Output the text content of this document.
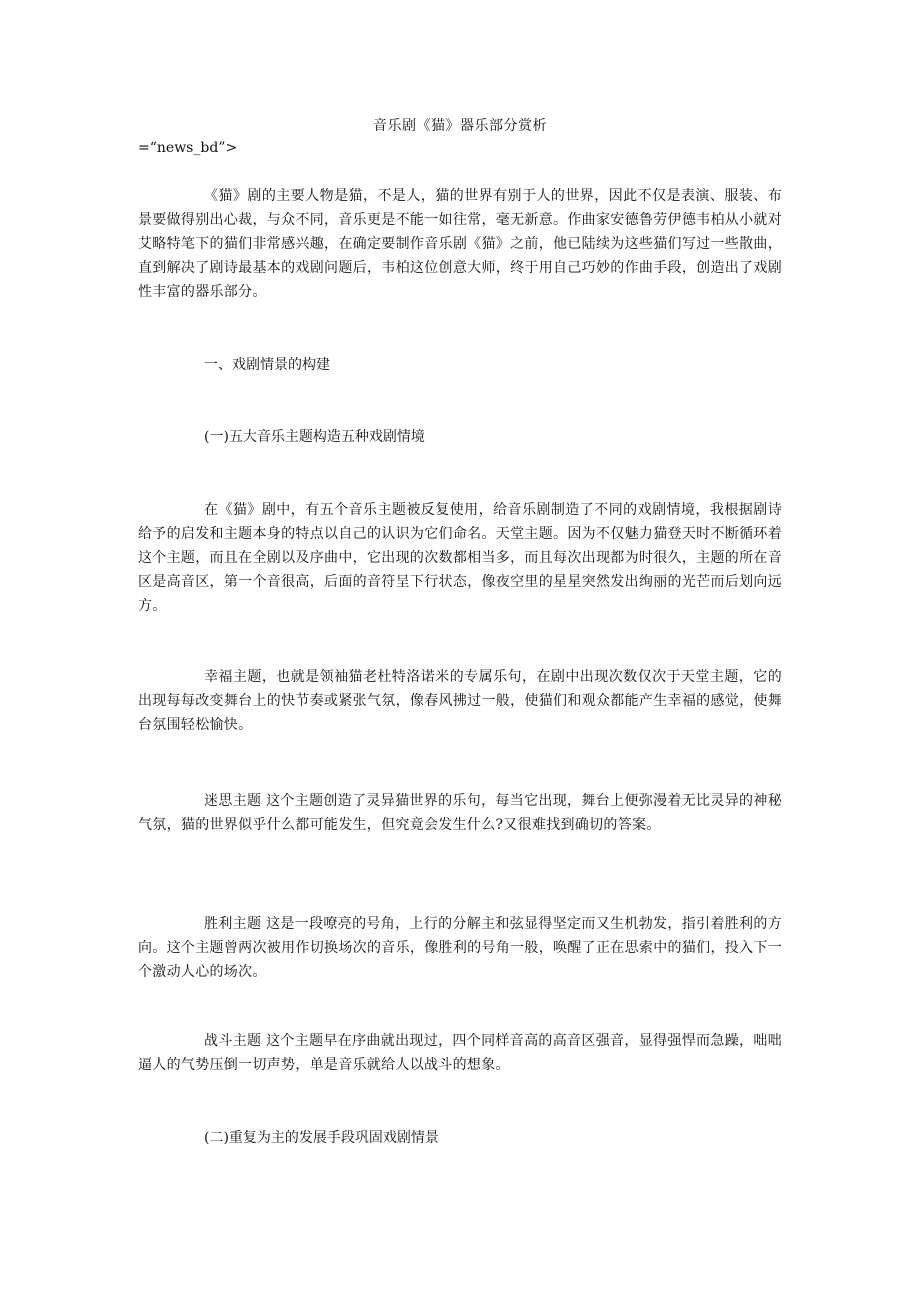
音乐剧《猫》器乐部分赏析
=“news_bd”>

《猫》剧的主要人物是猫，不是人，猫的世界有别于人的世界，因此不仅是表演、服装、布景要做得别出心裁，与众不同，音乐更是不能一如往常，毫无新意。作曲家安德鲁劳伊德韦柏从小就对艾略特笔下的猫们非常感兴趣，在确定要制作音乐剧《猫》之前，他已陆续为这些猫们写过一些散曲，直到解决了剧诗最基本的戏剧问题后，韦柏这位创意大师，终于用自己巧妙的作曲手段，创造出了戏剧性丰富的器乐部分。

一、戏剧情景的构建

(一)五大音乐主题构造五种戏剧情境

在《猫》剧中，有五个音乐主题被反复使用，给音乐剧制造了不同的戏剧情境，我根据剧诗给予的启发和主题本身的特点以自己的认识为它们命名。天堂主题。因为不仅魅力猫登天时不断循环着这个主题，而且在全剧以及序曲中，它出现的次数都相当多，而且每次出现都为时很久，主题的所在音区是高音区，第一个音很高，后面的音符呈下行状态，像夜空里的星星突然发出绚丽的光芒而后划向远方。

幸福主题，也就是领袖猫老杜特洛诺米的专属乐句，在剧中出现次数仅次于天堂主题，它的出现每每改变舞台上的快节奏或紧张气氛，像春风拂过一般，使猫们和观众都能产生幸福的感觉，使舞台氛围轻松愉快。

迷思主题 这个主题创造了灵异猫世界的乐句，每当它出现，舞台上便弥漫着无比灵异的神秘气氛，猫的世界似乎什么都可能发生，但究竟会发生什么?又很难找到确切的答案。

胜利主题 这是一段嘹亮的号角，上行的分解主和弦显得坚定而又生机勃发，指引着胜利的方向。这个主题曾两次被用作切换场次的音乐，像胜利的号角一般，唤醒了正在思索中的猫们，投入下一个激动人心的场次。

战斗主题 这个主题早在序曲就出现过，四个同样音高的高音区强音，显得强悍而急躁，咄咄逼人的气势压倒一切声势，单是音乐就给人以战斗的想象。

(二)重复为主的发展手段巩固戏剧情景
